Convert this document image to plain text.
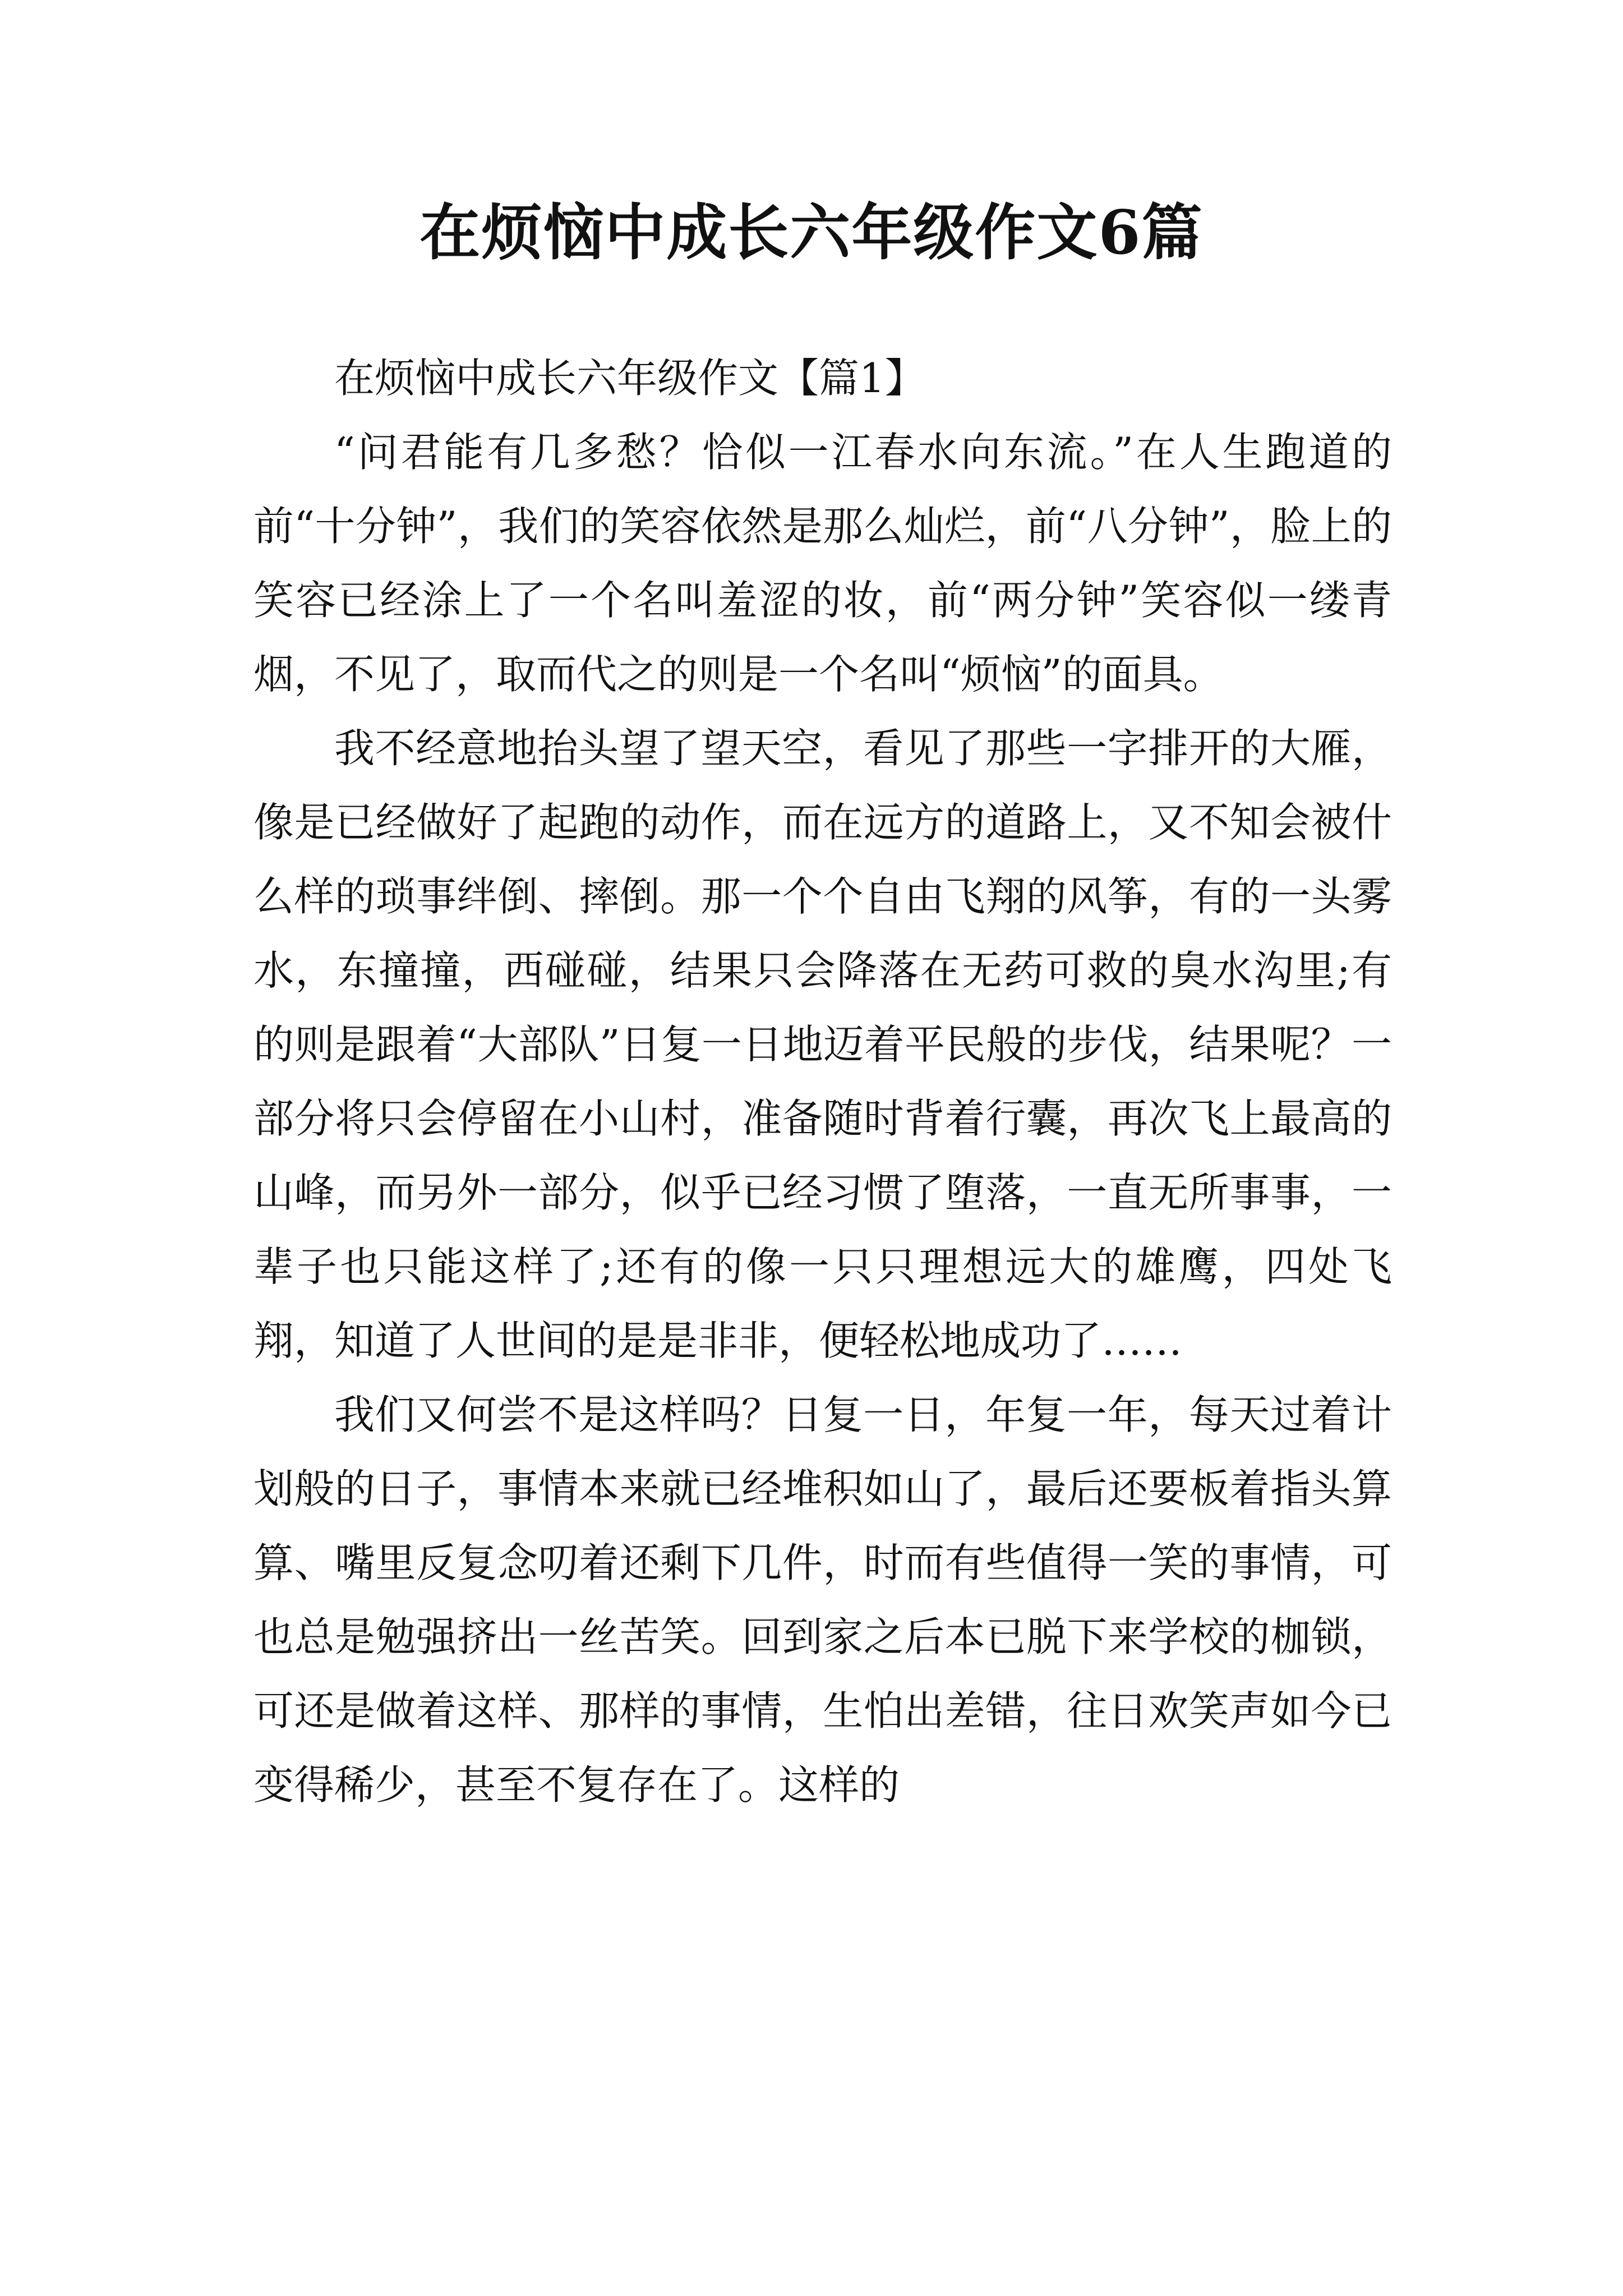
在烦恼中成长六年级作文6篇

在烦恼中成长六年级作文【篇1】

“问君能有几多愁？恰似一江春水向东流。”在人生跑道的前“十分钟”，我们的笑容依然是那么灿烂，前“八分钟”，脸上的笑容已经涂上了一个名叫羞涩的妆，前“两分钟”笑容似一缕青烟，不见了，取而代之的则是一个名叫“烦恼”的面具。

我不经意地抬头望了望天空，看见了那些一字排开的大雁，像是已经做好了起跑的动作，而在远方的道路上，又不知会被什么样的琐事绊倒、摔倒。那一个个自由飞翔的风筝，有的一头雾水，东撞撞，西碰碰，结果只会降落在无药可救的臭水沟里;有的则是跟着“大部队”日复一日地迈着平民般的步伐，结果呢？一部分将只会停留在小山村，准备随时背着行囊，再次飞上最高的山峰，而另外一部分，似乎已经习惯了堕落，一直无所事事，一辈子也只能这样了;还有的像一只只理想远大的雄鹰，四处飞翔，知道了人世间的是是非非，便轻松地成功了……

我们又何尝不是这样吗？日复一日，年复一年，每天过着计划般的日子，事情本来就已经堆积如山了，最后还要板着指头算算、嘴里反复念叨着还剩下几件，时而有些值得一笑的事情，可也总是勉强挤出一丝苦笑。回到家之后本已脱下来学校的枷锁，可还是做着这样、那样的事情，生怕出差错，往日欢笑声如今已变得稀少，甚至不复存在了。这样的
